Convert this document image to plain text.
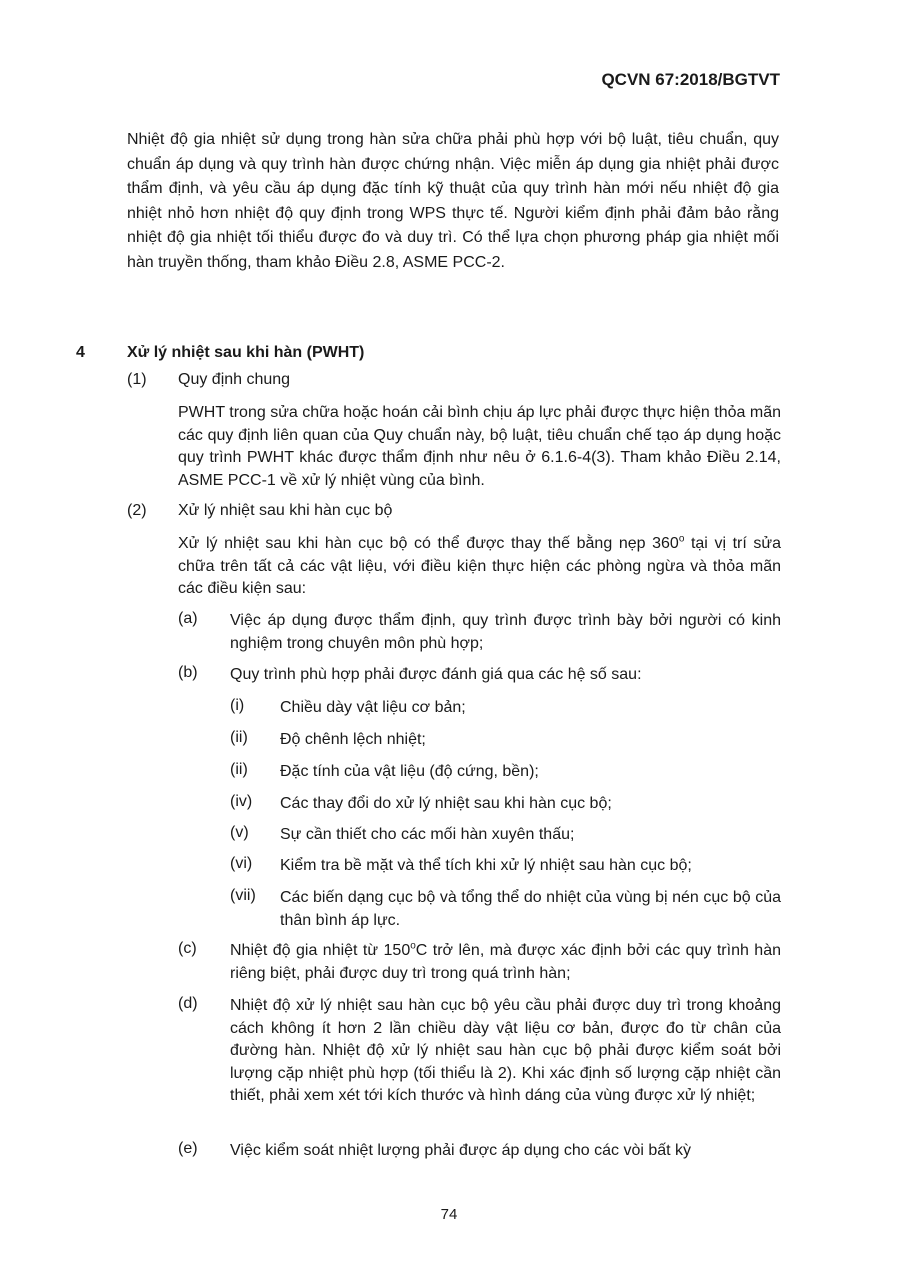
QCVN 67:2018/BGTVT
Nhiệt độ gia nhiệt sử dụng trong hàn sửa chữa phải phù hợp với bộ luật, tiêu chuẩn, quy chuẩn áp dụng và quy trình hàn được chứng nhận. Việc miễn áp dụng gia nhiệt phải được thẩm định, và yêu cầu áp dụng đặc tính kỹ thuật của quy trình hàn mới nếu nhiệt độ gia nhiệt nhỏ hơn nhiệt độ quy định trong WPS thực tế. Người kiểm định phải đảm bảo rằng nhiệt độ gia nhiệt tối thiểu được đo và duy trì. Có thể lựa chọn phương pháp gia nhiệt mối hàn truyền thống, tham khảo Điều 2.8, ASME PCC-2.
4	Xử lý nhiệt sau khi hàn (PWHT)
(1) Quy định chung
PWHT trong sửa chữa hoặc hoán cải bình chịu áp lực phải được thực hiện thỏa mãn các quy định liên quan của Quy chuẩn này, bộ luật, tiêu chuẩn chế tạo áp dụng hoặc quy trình PWHT khác được thẩm định như nêu ở 6.1.6-4(3). Tham khảo Điều 2.14, ASME PCC-1 về xử lý nhiệt vùng của bình.
(2) Xử lý nhiệt sau khi hàn cục bộ
Xử lý nhiệt sau khi hàn cục bộ có thể được thay thế bằng nẹp 360$^o$ tại vị trí sửa chữa trên tất cả các vật liệu, với điều kiện thực hiện các phòng ngừa và thỏa mãn các điều kiện sau:
(a) Việc áp dụng được thẩm định, quy trình được trình bày bởi người có kinh nghiệm trong chuyên môn phù hợp;
(b) Quy trình phù hợp phải được đánh giá qua các hệ số sau:
(i) Chiều dày vật liệu cơ bản;
(ii) Độ chênh lệch nhiệt;
(ii) Đặc tính của vật liệu (độ cứng, bền);
(iv) Các thay đổi do xử lý nhiệt sau khi hàn cục bộ;
(v) Sự cần thiết cho các mối hàn xuyên thấu;
(vi) Kiểm tra bề mặt và thể tích khi xử lý nhiệt sau hàn cục bộ;
(vii) Các biến dạng cục bộ và tổng thể do nhiệt của vùng bị nén cục bộ của thân bình áp lực.
(c) Nhiệt độ gia nhiệt từ 150$^o$C trở lên, mà được xác định bởi các quy trình hàn riêng biệt, phải được duy trì trong quá trình hàn;
(d) Nhiệt độ xử lý nhiệt sau hàn cục bộ yêu cầu phải được duy trì trong khoảng cách không ít hơn 2 lần chiều dày vật liệu cơ bản, được đo từ chân của đường hàn. Nhiệt độ xử lý nhiệt sau hàn cục bộ phải được kiểm soát bởi lượng cặp nhiệt phù hợp (tối thiểu là 2). Khi xác định số lượng cặp nhiệt cần thiết, phải xem xét tới kích thước và hình dáng của vùng được xử lý nhiệt;
(e) Việc kiểm soát nhiệt lượng phải được áp dụng cho các vòi bất kỳ
74
